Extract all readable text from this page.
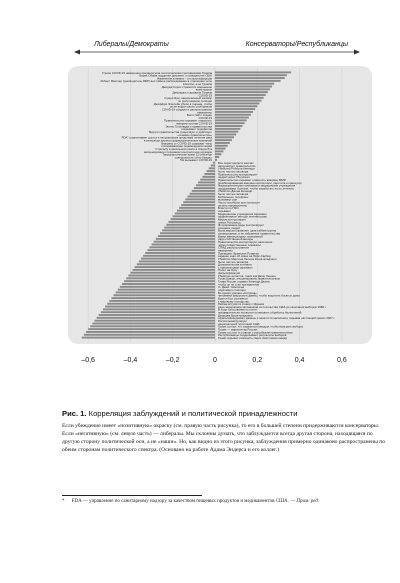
Либералы/Демократы	Консерваторы/Республиканцы
Угроза COVID-19 намеренно преувеличена политическими противниками Трампа
Барак Обама подделал документ о гражданстве США
Изменение климата – это мистификация
Роберт Мюллер (руководитель ФБР) вел тайное расследование в отношении четы
Клинтон, а не Трампа
Джордж Сорос стремится свержению
всем миром
Демократы скрывали Трампа
COVID-19
Существует национальный заговор
по уничтожению полиции
Джеффри Эпштейн убили в тюрьме, чтобы
он не выдал своих сообщников
COVID-19 создали и распространили
намеренно
Билл Гейтс создал
COVID-19
Правительство скрывает опасность
вакцины против COVID-19
Элиты Голливуда и правительства
покрывают педофилов
Внутри правительства существует и действует
«теневое правительство»
FDA* ограничивает доступ к натуральным средствам лечения рака
в интересах крупных фармацевтических компаний
Вакцины от COVID-19 содержат чипы
отслеживающие перемещения людей
Стрельбу в начальной школе в Сэнди-Хук
инсценировали сторонники контроля над оружием
Террористические атаки 11 сентября
совершила не «Аль-Каида»
5G вызывает COVID-19
Все перестрелки в школах
инсценирует правительство
Убийство Роберта Кеннеди
было частью заговора
Правительство контролирует
людей через ТВ-сигнал
Правительство скрывает опасность вакцины MMR
(комбинированная вакцина против кори, паротита и краснухи)
Фармацевтические компании и медицинские учреждения
придумывают болезни, чтобы заработать на их лечении
Убийство Джона Кеннеди
было частью заговора
Мобильные телефоны
вызывают рак
Число погибших при холокосте
сильно преувеличено
Власти по ГМО
скрывают
Медицинские учреждения скрывают
эффективные методы лечения рака
Миром контролирует
семья Ротшильд
Фторирование воды контролирует
сознание людей
Всем миром управляет одна тайная группа
заговорщиков, а не избранные правительства
Банки манипулируют экономикой
ради собственной выгоды
Правительство контролирует население
через лекарственные химикаты
СПИД распространили
намеренно
Президент Франклин Рузвельт
заранее знал об атаке на Пёрл-Харбор
Убийство Мартина Лютера Кинга-младшего
было частью заговора
Доказательства контакта
с пришельцами скрывают
Полет на Луну
фальсификация
Убийство артистов, таких как Джон Леннон
Тупак Шакур, инсценировано правительством
Глава России отравил Кеннеди Джона
чтобы он не стал президентом
О. Джей. Симпсона
подставило полиция
Во время урагана «Катрина»
чиновники разрушили дамбы, чтобы защитить богатых дома
Братья Кох стремятся
к мировому господству
Рейган вступил в сговор с Ираном
ради задержания заложников из посольства США до окончания выборов 1980 г.
В ходе голосования по почте
предварительно пытаются остановить обработку бюллетеней
Джорджа Буша-младшего
сфальсифицировал данные о занятости населения, скрывая настоящий кризис 2007 г.
Россия манипулирует
национальной политикой США
Трамп солгал, что заразился ковидом, чтобы выиграть выборы
Трамп — марионетка России
Трамп состоит в сговоре с российским правительством
Республиканцы подделывают результаты выборов
Трамп скрывал опасность своих симптомов ковида
–0,6	–0,4	–0,2	0	0,2	0,4	0,6
Рис. 1. Корреляция заблуждений и политической принадлежности
Если убеждение имеет «позитивную» окраску (см. правую часть рисунка), то его в большей степени придерживаются консерваторы. Если «негативную» (см. левую часть) — либералы. Мы склонны думать, что заблуждается всегда другая сторона, находящаяся по другую сторону политической оси, а не «наши». Но, как видно из этого рисунка, заблуждения примерно одинаково распространены по обеим сторонам политического спектра. (Основано на работе Адама Эндерса и его коллег.)
* FDA — управление по санитарному надзору за качеством пищевых продуктов и медикаментов США. — Прим. ред.
